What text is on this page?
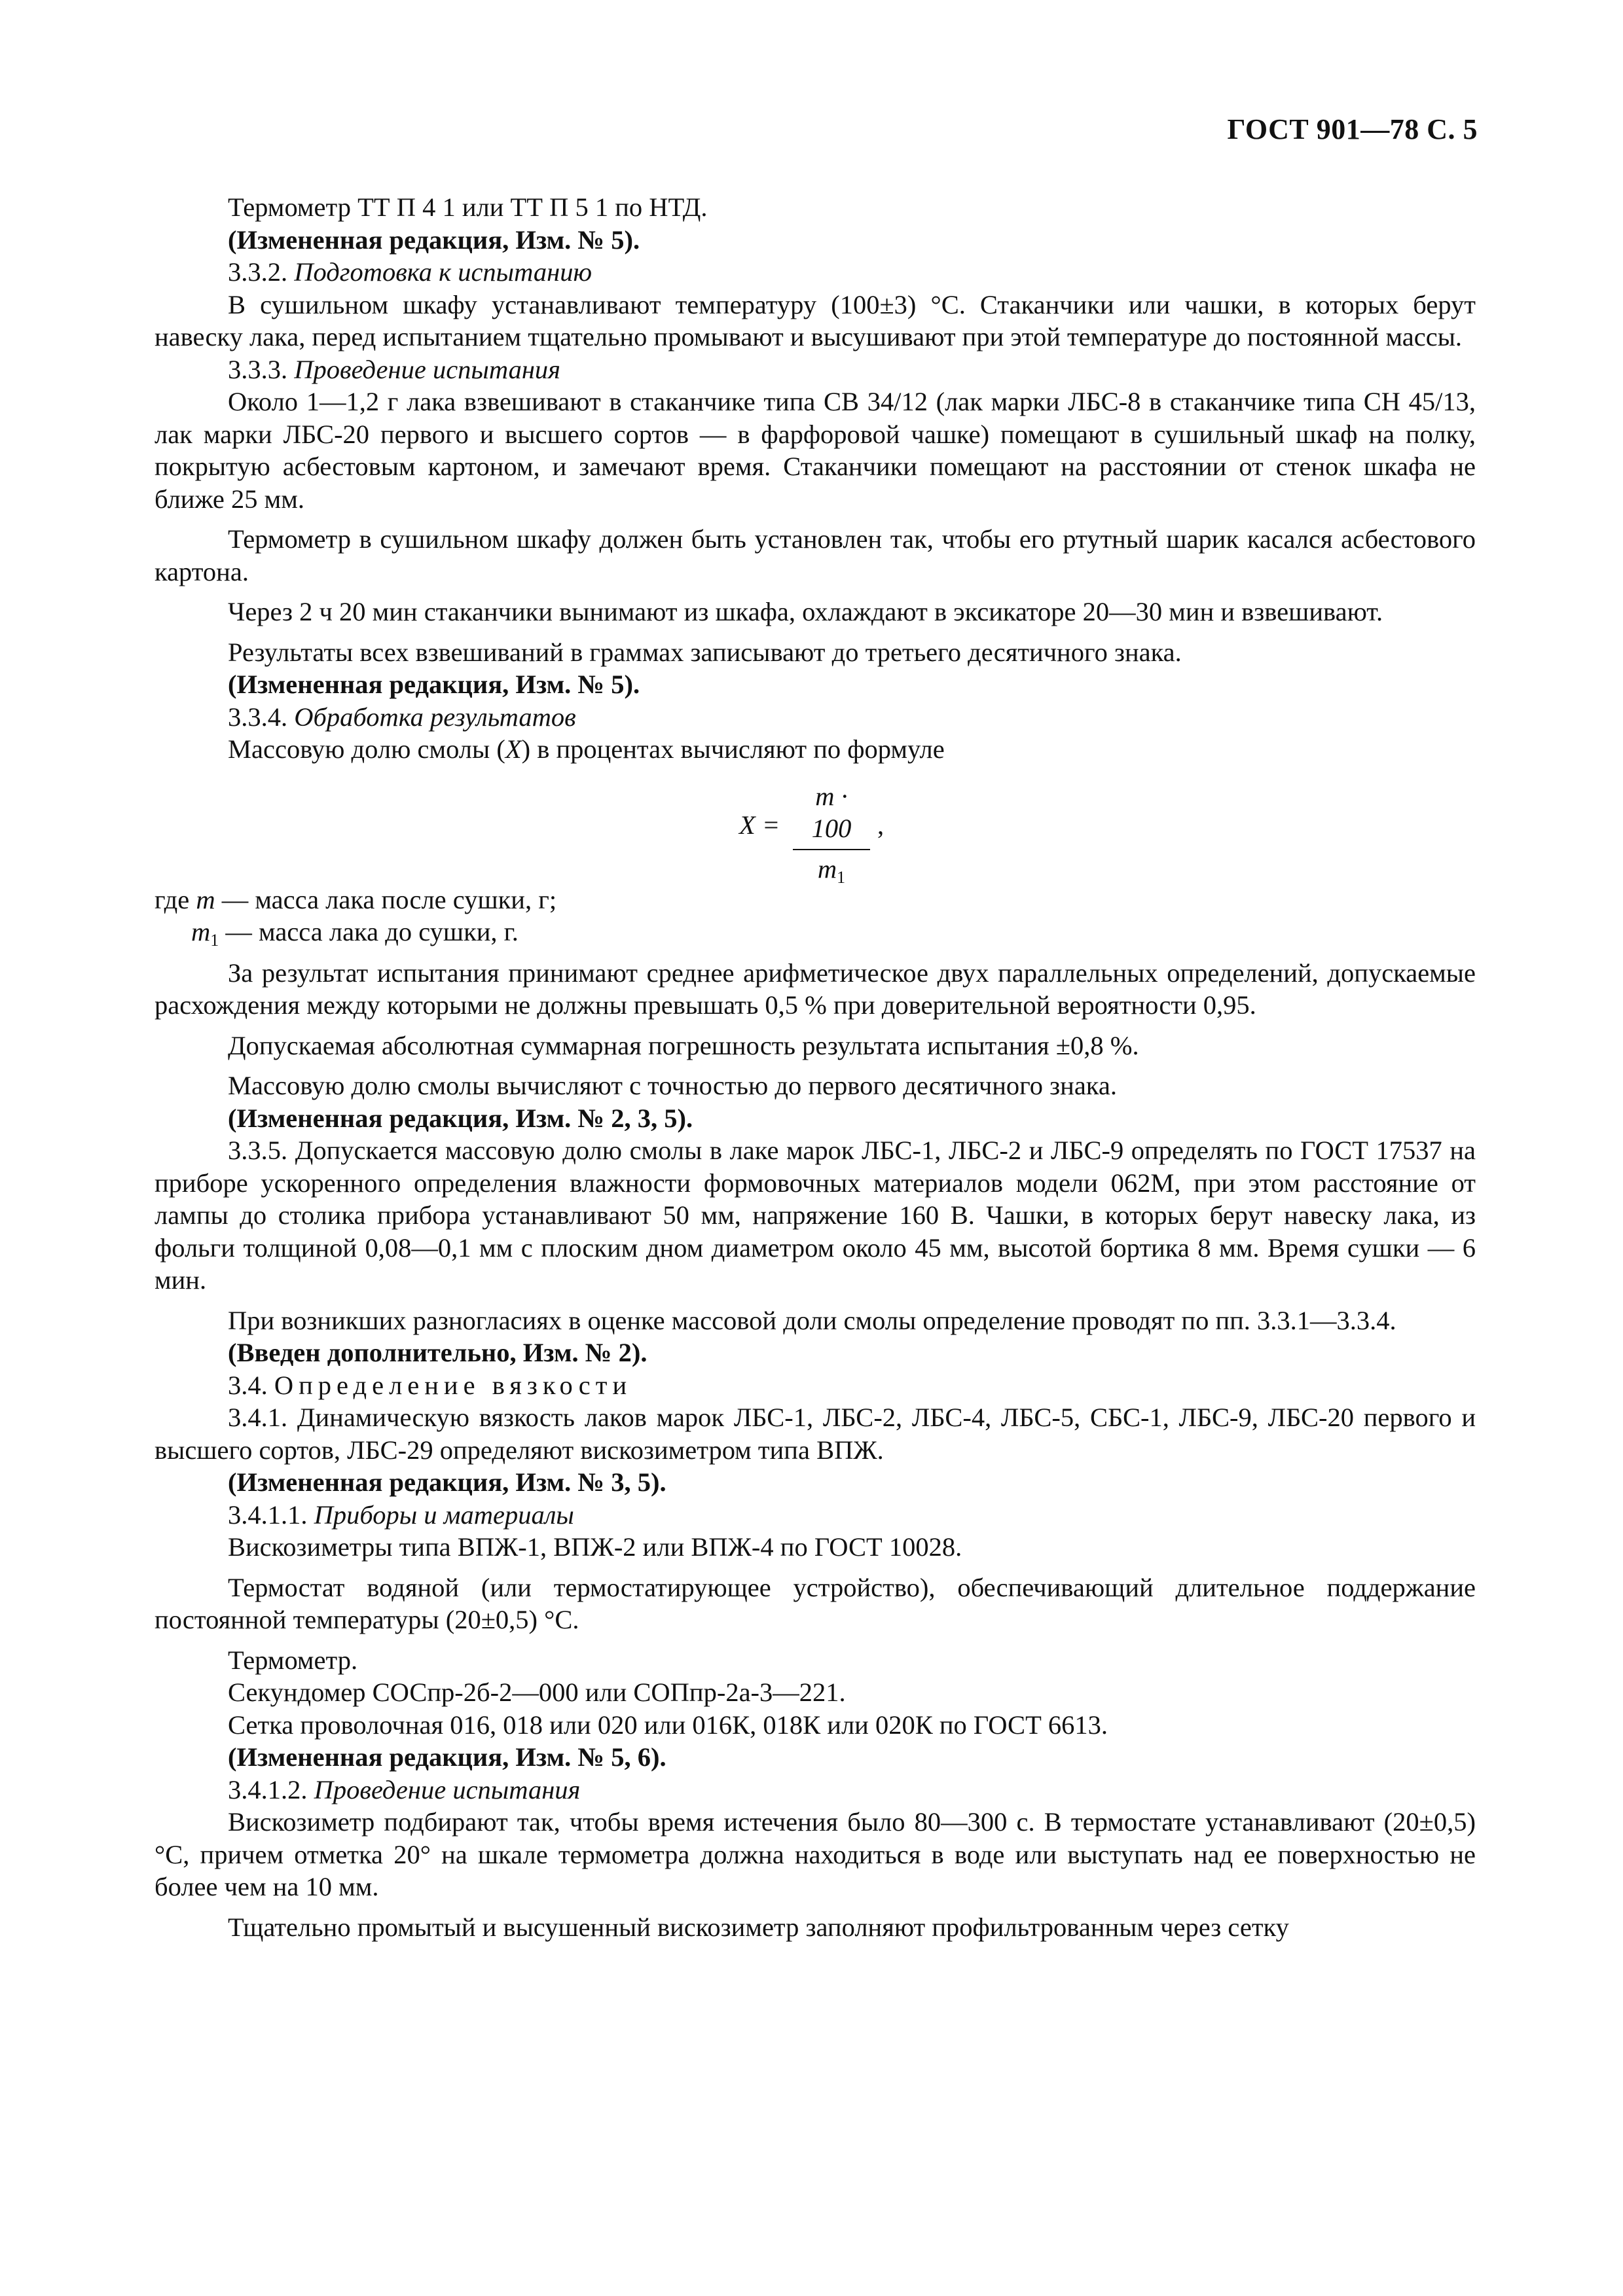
ГОСТ 901—78 С. 5

Термометр ТТ П 4 1 или ТТ П 5 1 по НТД.

(Измененная редакция, Изм. № 5).

3.3.2. Подготовка к испытанию

В сушильном шкафу устанавливают температуру (100±3) °С. Стаканчики или чашки, в которых берут навеску лака, перед испытанием тщательно промывают и высушивают при этой температуре до постоянной массы.

3.3.3. Проведение испытания

Около 1—1,2 г лака взвешивают в стаканчике типа СВ 34/12 (лак марки ЛБС-8 в стаканчике типа СН 45/13, лак марки ЛБС-20 первого и высшего сортов — в фарфоровой чашке) помещают в сушильный шкаф на полку, покрытую асбестовым картоном, и замечают время. Стаканчики помещают на расстоянии от стенок шкафа не ближе 25 мм.

Термометр в сушильном шкафу должен быть установлен так, чтобы его ртутный шарик касался асбестового картона.

Через 2 ч 20 мин стаканчики вынимают из шкафа, охлаждают в эксикаторе 20—30 мин и взвешивают.

Результаты всех взвешиваний в граммах записывают до третьего десятичного знака.

(Измененная редакция, Изм. № 5).

3.3.4. Обработка результатов

Массовую долю смолы (X) в процентах вычисляют по формуле

X =
m · 100
$m_1$
,

где m — масса лака после сушки, г;

$m_1$ — масса лака до сушки, г.

За результат испытания принимают среднее арифметическое двух параллельных определений, допускаемые расхождения между которыми не должны превышать 0,5 % при доверительной вероятности 0,95.

Допускаемая абсолютная суммарная погрешность результата испытания ±0,8 %.

Массовую долю смолы вычисляют с точностью до первого десятичного знака.

(Измененная редакция, Изм. № 2, 3, 5).

3.3.5. Допускается массовую долю смолы в лаке марок ЛБС-1, ЛБС-2 и ЛБС-9 определять по ГОСТ 17537 на приборе ускоренного определения влажности формовочных материалов модели 062М, при этом расстояние от лампы до столика прибора устанавливают 50 мм, напряжение 160 В. Чашки, в которых берут навеску лака, из фольги толщиной 0,08—0,1 мм с плоским дном диаметром около 45 мм, высотой бортика 8 мм. Время сушки — 6 мин.

При возникших разногласиях в оценке массовой доли смолы определение проводят по пп. 3.3.1—3.3.4.

(Введен дополнительно, Изм. № 2).

3.4. Определение вязкости

3.4.1. Динамическую вязкость лаков марок ЛБС-1, ЛБС-2, ЛБС-4, ЛБС-5, СБС-1, ЛБС-9, ЛБС-20 первого и высшего сортов, ЛБС-29 определяют вискозиметром типа ВПЖ.

(Измененная редакция, Изм. № 3, 5).

3.4.1.1. Приборы и материалы

Вискозиметры типа ВПЖ-1, ВПЖ-2 или ВПЖ-4 по ГОСТ 10028.

Термостат водяной (или термостатирующее устройство), обеспечивающий длительное поддержание постоянной температуры (20±0,5) °С.

Термометр.

Секундомер СОСпр-2б-2—000 или СОПпр-2а-3—221.

Сетка проволочная 016, 018 или 020 или 016К, 018К или 020К по ГОСТ 6613.

(Измененная редакция, Изм. № 5, 6).

3.4.1.2. Проведение испытания

Вискозиметр подбирают так, чтобы время истечения было 80—300 с. В термостате устанавливают (20±0,5) °С, причем отметка 20° на шкале термометра должна находиться в воде или выступать над ее поверхностью не более чем на 10 мм.

Тщательно промытый и высушенный вискозиметр заполняют профильтрованным через сетку
